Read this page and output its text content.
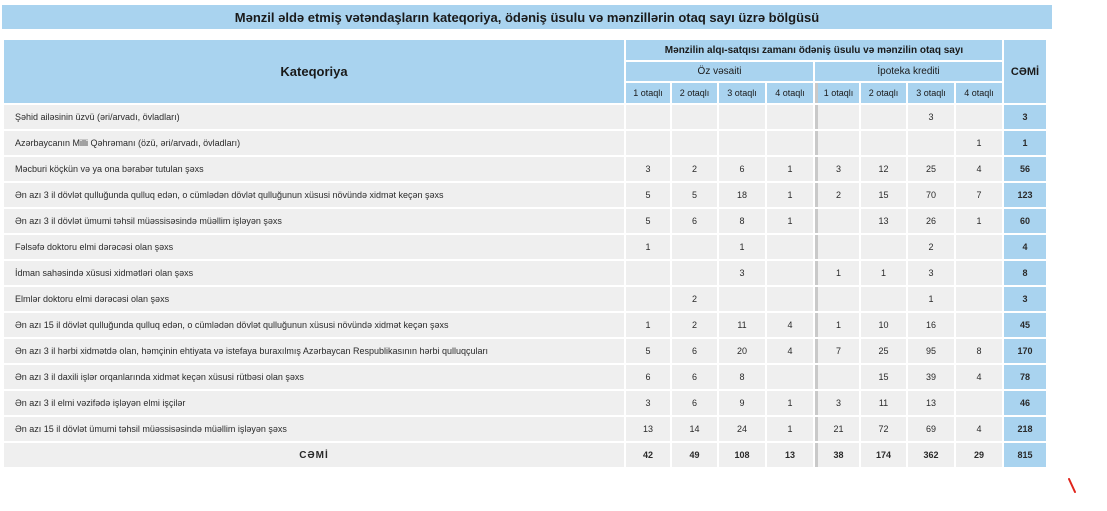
Mənzil əldə etmiş vətəndaşların kateqoriya, ödəniş üsulu və mənzillərin otaq sayı üzrə bölgüsü
Kateqoriya	Mənzilin alqı-satqısı zamanı ödəniş üsulu və mənzilin otaq sayı								CƏMİ
	Öz vəsaiti				İpoteka krediti				
	1 otaqlı	2 otaqlı	3 otaqlı	4 otaqlı	1 otaqlı	2 otaqlı	3 otaqlı	4 otaqlı	
Şəhid ailəsinin üzvü (əri/arvadı, övladları)							3		3
Azərbaycanın Milli Qəhrəmanı (özü, əri/arvadı, övladları)								1	1
Məcburi köçkün və ya ona bərabər tutulan şəxs	3	2	6	1	3	12	25	4	56
Ən azı 3 il dövlət qulluğunda qulluq edən, o cümlədən dövlət qulluğunun xüsusi növündə xidmət keçən şəxs	5	5	18	1	2	15	70	7	123
Ən azı 3 il dövlət ümumi təhsil müəssisəsində müəllim işləyən şəxs	5	6	8	1		13	26	1	60
Fəlsəfə doktoru elmi dərəcəsi olan şəxs	1		1				2		4
İdman sahəsində xüsusi xidmətləri olan şəxs			3		1	1	3		8
Elmlər doktoru elmi dərəcəsi olan şəxs		2					1		3
Ən azı 15 il dövlət qulluğunda qulluq edən, o cümlədən dövlət qulluğunun xüsusi növündə xidmət keçən şəxs	1	2	11	4	1	10	16		45
Ən azı 3 il hərbi xidmətdə olan, həmçinin ehtiyata və istefaya buraxılmış Azərbaycan Respublikasının hərbi qulluqçuları	5	6	20	4	7	25	95	8	170
Ən azı 3 il daxili işlər orqanlarında xidmət keçən xüsusi rütbəsi olan şəxs	6	6	8			15	39	4	78
Ən azı 3 il elmi vəzifədə işləyən elmi işçilər	3	6	9	1	3	11	13		46
Ən azı 15 il dövlət ümumi təhsil müəssisəsində müəllim işləyən şəxs	13	14	24	1	21	72	69	4	218
CƏMİ	42	49	108	13	38	174	362	29	815
